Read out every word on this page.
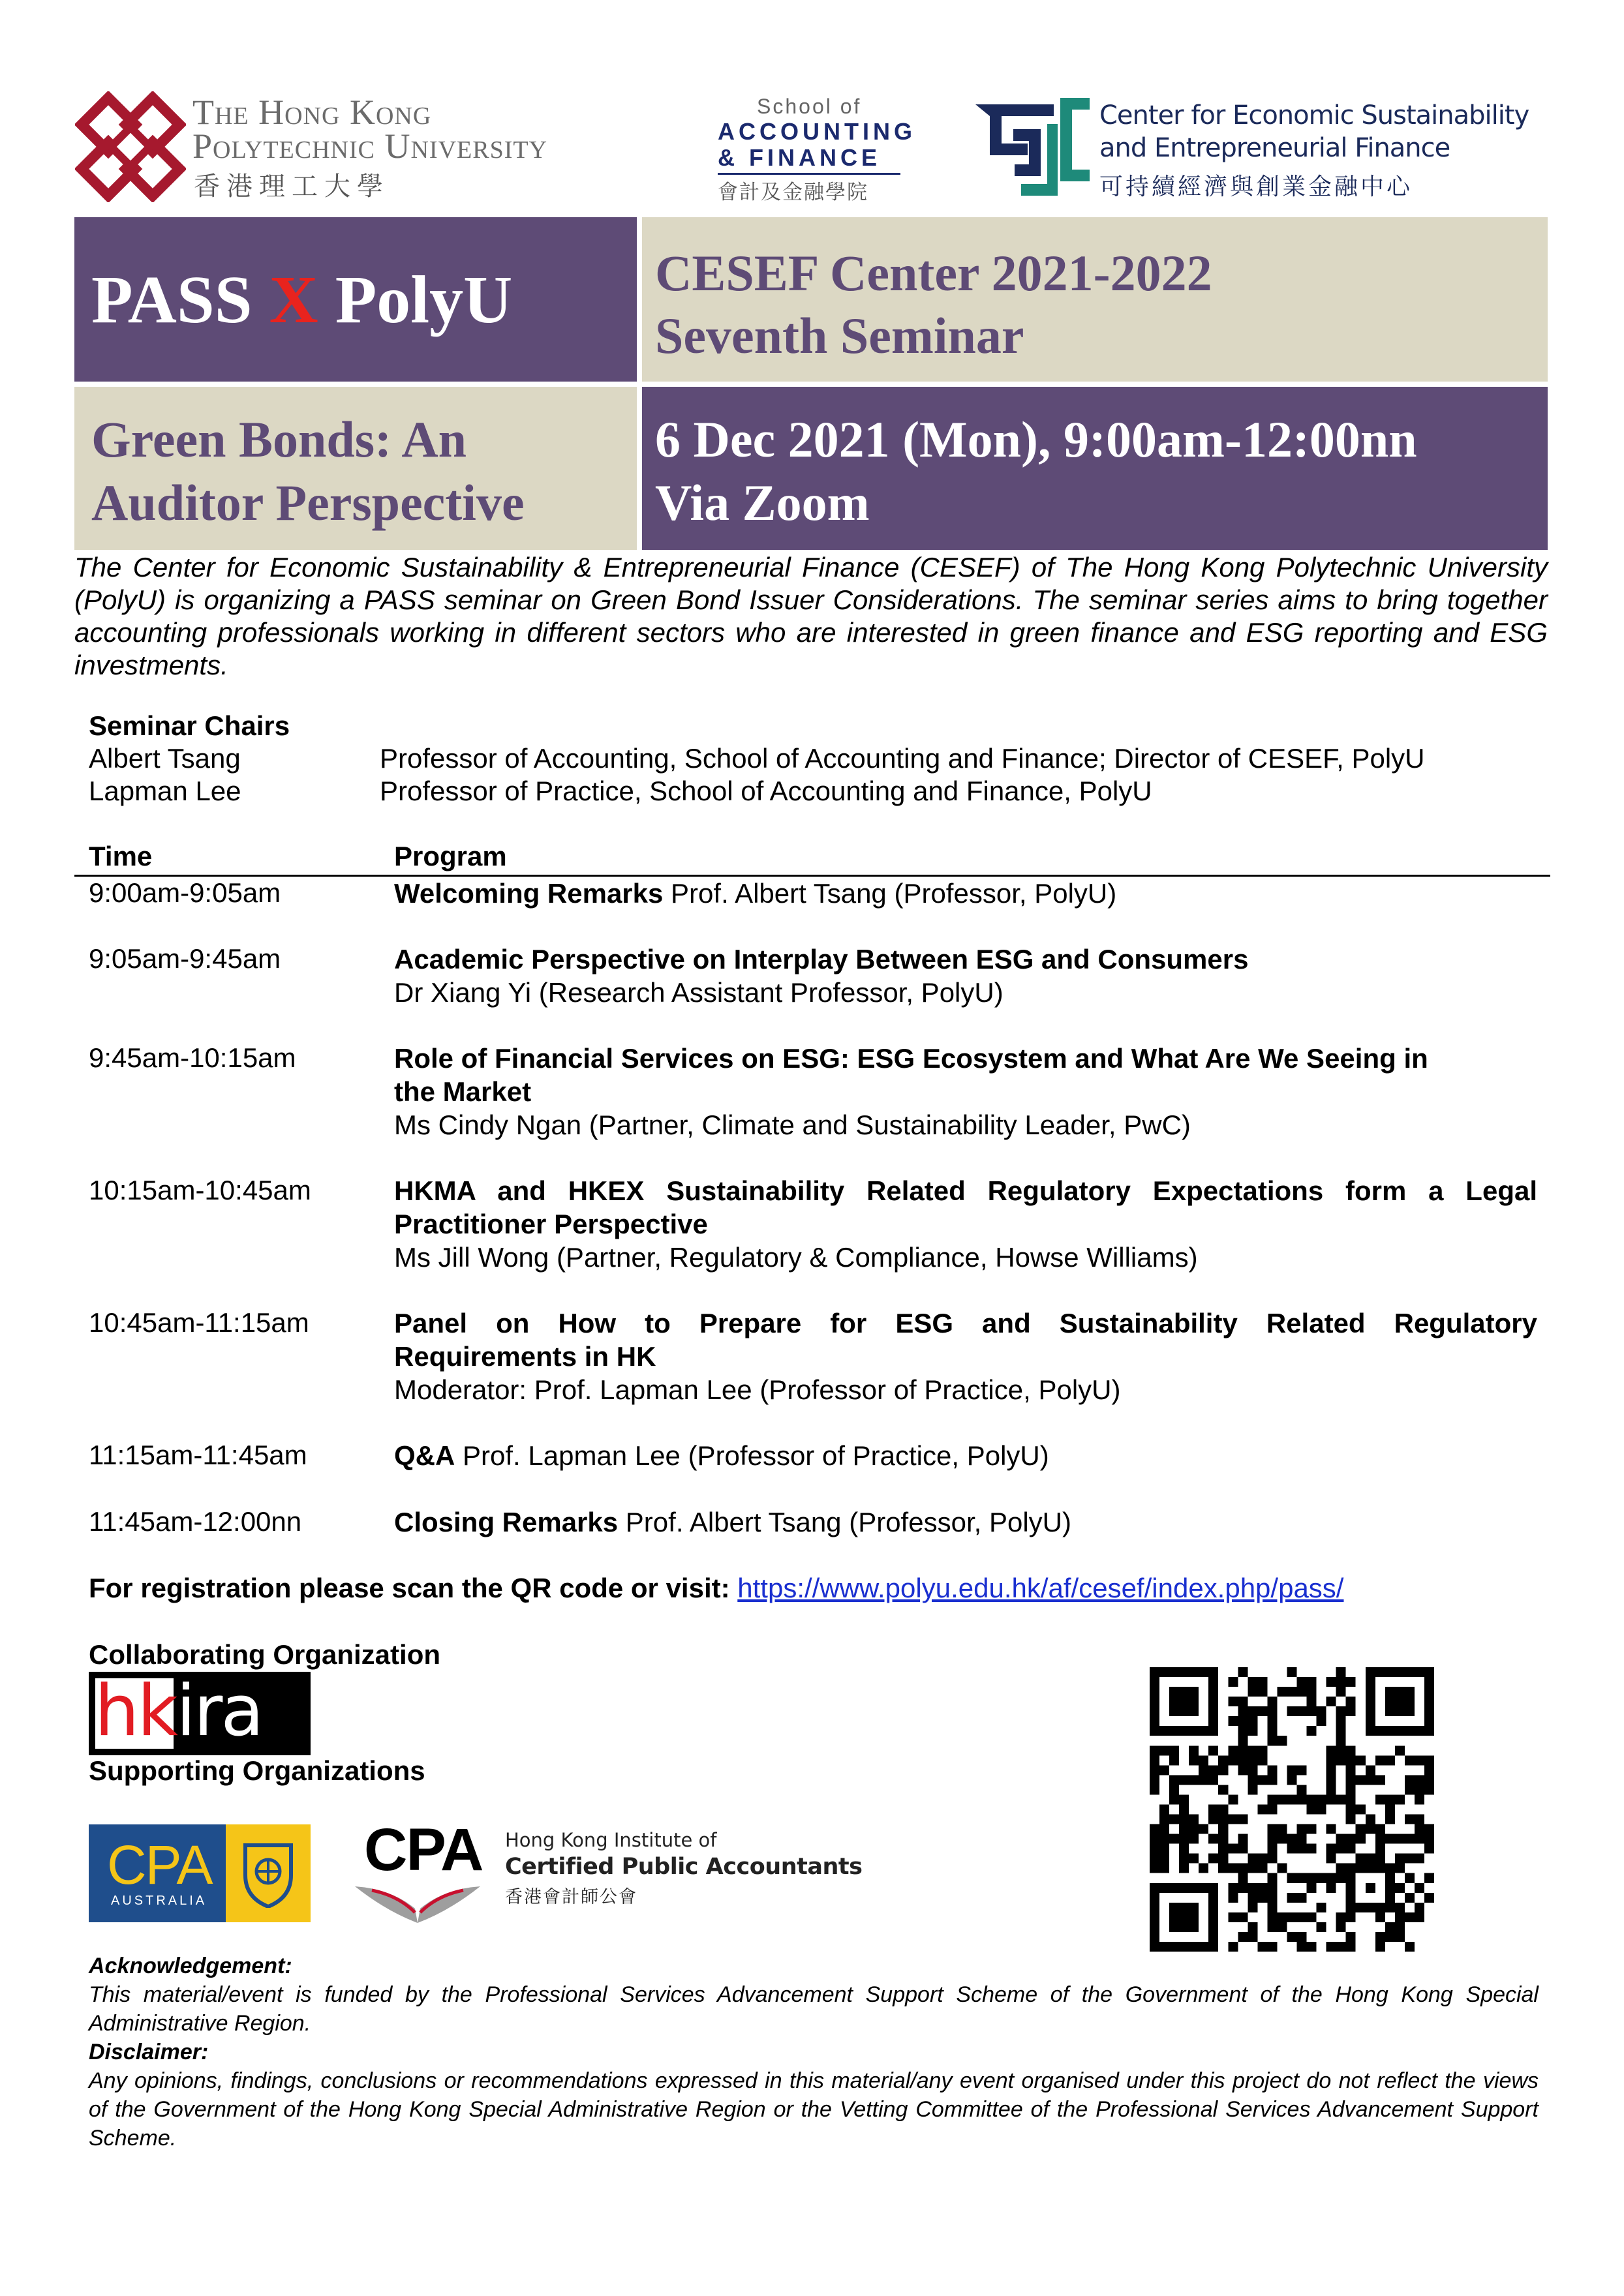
The Hong Kong
Polytechnic University
香港理工大學
School of
ACCOUNTING
& FINANCE
會計及金融學院
Center for Economic Sustainability
and Entrepreneurial Finance
可持續經濟與創業金融中心
PASS X PolyU	CESEF Center 2021-2022
Seventh Seminar
Green Bonds: An
Auditor Perspective
6 Dec 2021 (Mon), 9:00am-12:00nn
Via Zoom
The Center for Economic Sustainability & Entrepreneurial Finance (CESEF) of The Hong Kong Polytechnic University (PolyU) is organizing a PASS seminar on Green Bond Issuer Considerations. The seminar series aims to bring together accounting professionals working in different sectors who are interested in green finance and ESG reporting and ESG investments.
Seminar Chairs
Albert Tsang	Professor of Accounting, School of Accounting and Finance; Director of CESEF, PolyU
Lapman Lee	Professor of Practice, School of Accounting and Finance, PolyU
Time	Program
9:00am-9:05am	Welcoming Remarks Prof. Albert Tsang (Professor, PolyU)
9:05am-9:45am	Academic Perspective on Interplay Between ESG and Consumers
Dr Xiang Yi (Research Assistant Professor, PolyU)
9:45am-10:15am	Role of Financial Services on ESG: ESG Ecosystem and What Are We Seeing in
the Market
Ms Cindy Ngan (Partner, Climate and Sustainability Leader, PwC)
10:15am-10:45am	HKMA and HKEX Sustainability Related Regulatory Expectations form a Legal
Practitioner Perspective
Ms Jill Wong (Partner, Regulatory & Compliance, Howse Williams)
10:45am-11:15am	Panel on How to Prepare for ESG and Sustainability Related Regulatory
Requirements in HK
Moderator: Prof. Lapman Lee (Professor of Practice, PolyU)
11:15am-11:45am	Q&A Prof. Lapman Lee (Professor of Practice, PolyU)
11:45am-12:00nn	Closing Remarks Prof. Albert Tsang (Professor, PolyU)
For registration please scan the QR code or visit: https://www.polyu.edu.hk/af/cesef/index.php/pass/
Collaborating Organization
hkira
Supporting Organizations
CPA
AUSTRALIA
CPA Hong Kong Institute of
Certified Public Accountants
香港會計師公會
Acknowledgement:
This material/event is funded by the Professional Services Advancement Support Scheme of the Government of the Hong Kong Special Administrative Region.
Disclaimer:
Any opinions, findings, conclusions or recommendations expressed in this material/any event organised under this project do not reflect the views of the Government of the Hong Kong Special Administrative Region or the Vetting Committee of the Professional Services Advancement Support Scheme.
